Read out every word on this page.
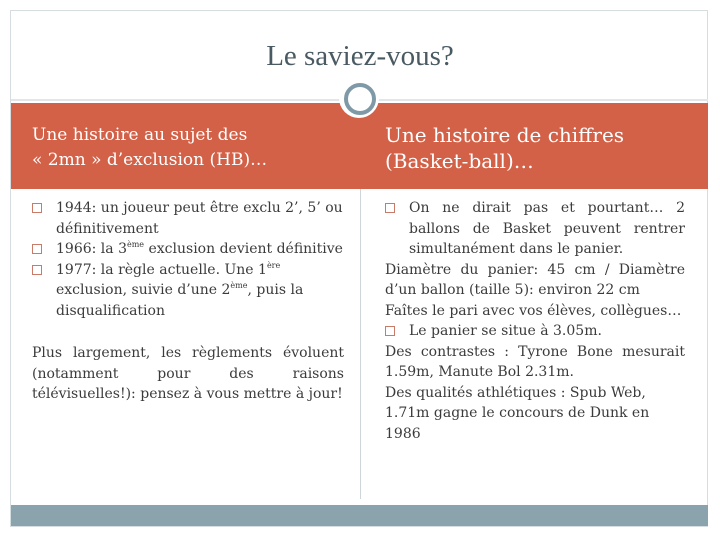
Le saviez-vous?
Une histoire au sujet des
« 2mn » d’exclusion (HB)…
Une histoire de chiffres
(Basket-ball)…
1944: un joueur peut être exclu 2’, 5’ ou définitivement
1966: la 3ème exclusion devient définitive
1977: la règle actuelle. Une 1ère exclusion, suivie d’une 2ème, puis la disqualification
Plus largement, les règlements évoluent (notamment pour des raisons télévisuelles!): pensez à vous mettre à jour!
On ne dirait pas et pourtant… 2 ballons de Basket peuvent rentrer simultanément dans le panier.
Diamètre du panier: 45 cm / Diamètre d’un ballon (taille 5): environ 22 cm
Faîtes le pari avec vos élèves, collègues…
Le panier se situe à 3.05m.
Des contrastes : Tyrone Bone mesurait 1.59m, Manute Bol 2.31m.
Des qualités athlétiques : Spub Web, 1.71m gagne le concours de Dunk en 1986
